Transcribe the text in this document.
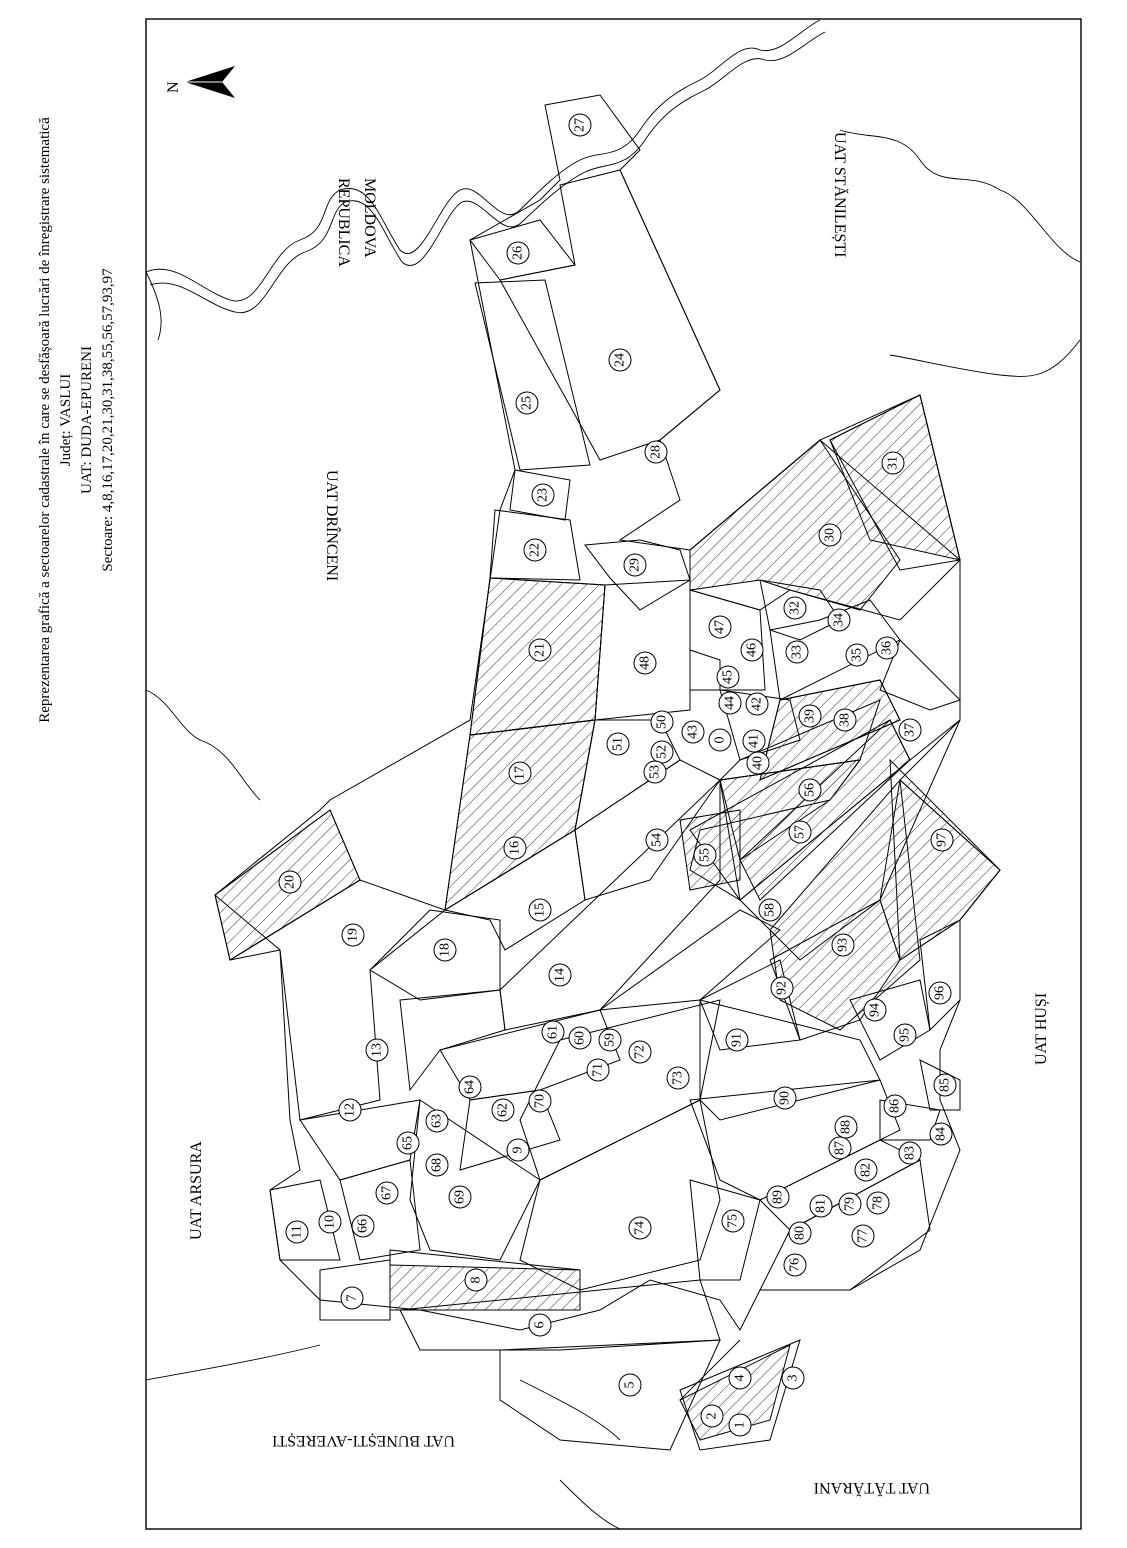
0
1
2
3
4
5
6
7
8
9
10
11
12
13
14
15
16
17
18
19
20
21
22
23
24
25
26
27
28
29
30
31
32
33
34
35 36
37
38
39
40
41
42
43
44
45
46
47
48
50
51
52
53
54
55
56
57
58
59
60
61
62
63
64
65
66
67
68
69
70
71
72
73
74	75
76
77
78
79
80
81
82
83
84
85
86
87
88
89
90
91
92
93
94
95
96
97
Reprezentarea grafică a sectoarelor cadastrale în care se desfășoară lucrări de înregistrare sistematică Județ: VASLUI UAT: DUDA-EPURENI Sectoare: 4,8,16,17,20,21,30,31,38,55,56,57,93,97
N
REPUBLICA MOLDOVA	UAT STĂNILEȘTI
UAT DRÎNCENI
UAT ARSURA
UAT HUȘI
UAT BUNEȘTI-AVEREȘTI
UAT TĂTĂRANI
